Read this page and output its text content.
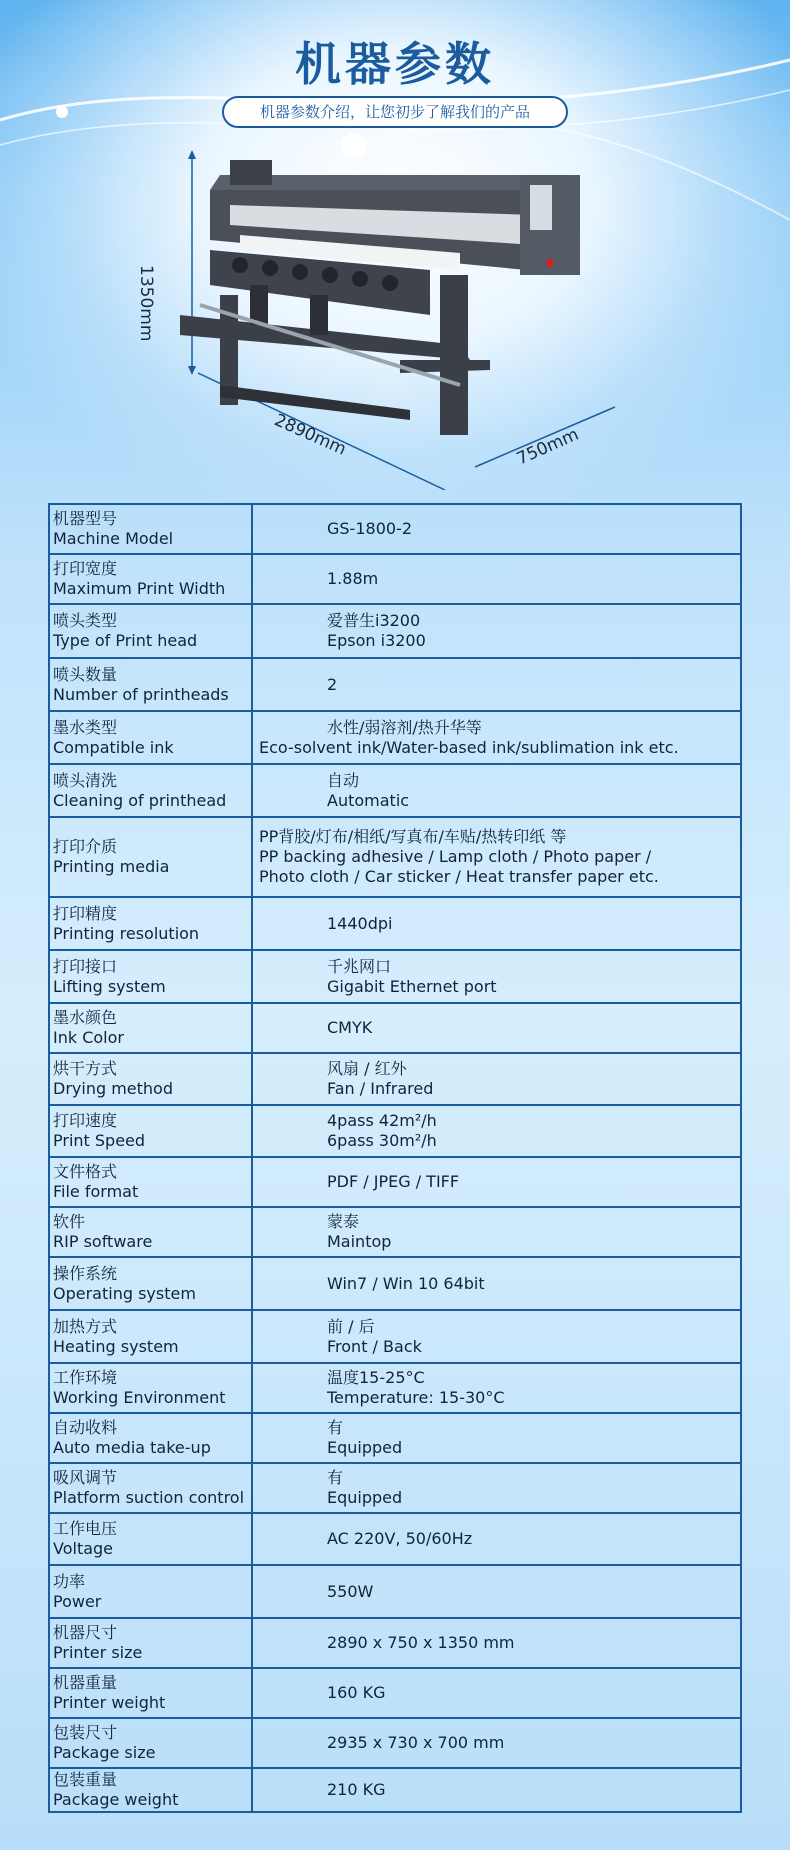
机器参数
机器参数介绍，让您初步了解我们的产品
1350mm
2890mm	750mm
机器型号
Machine Model	GS-1800-2

打印宽度
Maximum Print Width	1.88m

喷头类型
Type of Print head	爱普生i3200
Epson i3200

喷头数量
Number of printheads	2

墨水类型
Compatible ink	水性/弱溶剂/热升华等
Eco-solvent ink/Water-based ink/sublimation ink etc.

喷头清洗
Cleaning of printhead	自动
Automatic

打印介质
Printing media	PP背胶/灯布/相纸/写真布/车贴/热转印纸 等
PP backing adhesive / Lamp cloth / Photo paper /
Photo cloth / Car sticker / Heat transfer paper etc.

打印精度
Printing resolution	1440dpi

打印接口
Lifting system	千兆网口
Gigabit Ethernet port

墨水颜色
Ink Color	CMYK

烘干方式
Drying method	风扇 / 红外
Fan / Infrared

打印速度
Print Speed	4pass 42m²/h
6pass 30m²/h

文件格式
File format	PDF / JPEG / TIFF

软件
RIP software	蒙泰
Maintop

操作系统
Operating system	Win7 / Win 10 64bit

加热方式
Heating system	前 / 后
Front / Back

工作环境
Working Environment	温度15-25°C
Temperature: 15-30°C

自动收料
Auto media take-up	有
Equipped

吸风调节
Platform suction control	有
Equipped

工作电压
Voltage	AC 220V, 50/60Hz

功率
Power	550W

机器尺寸
Printer size	2890 x 750 x 1350 mm

机器重量
Printer weight	160 KG

包装尺寸
Package size	2935 x 730 x 700 mm

包装重量
Package weight	210 KG
